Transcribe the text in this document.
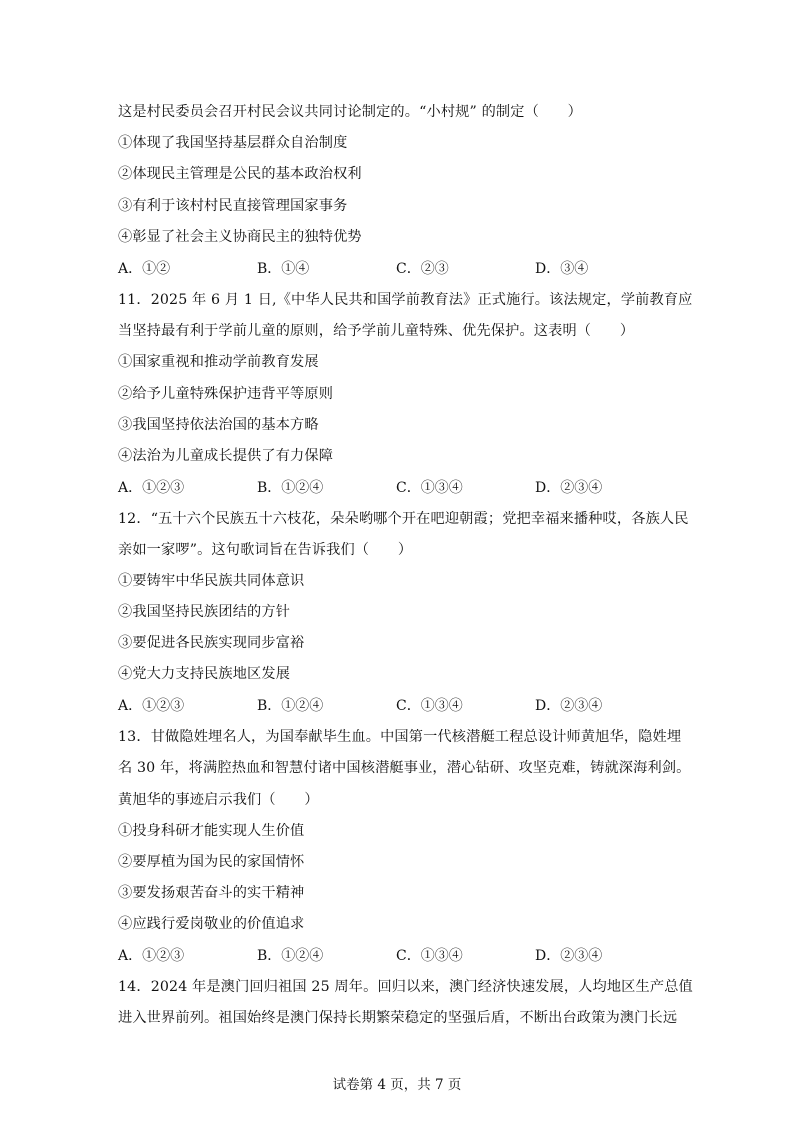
这是村民委员会召开村民会议共同讨论制定的。“小村规” 的制定（　　）
①体现了我国坚持基层群众自治制度
②体现民主管理是公民的基本政治权利
③有利于该村村民直接管理国家事务
④彰显了社会主义协商民主的独特优势
A．①②	B．①④	C．②③	D．③④
11．2025 年 6 月 1 日,《中华人民共和国学前教育法》正式施行。该法规定，学前教育应
当坚持最有利于学前儿童的原则，给予学前儿童特殊、优先保护。这表明（　　）
①国家重视和推动学前教育发展
②给予儿童特殊保护违背平等原则
③我国坚持依法治国的基本方略
④法治为儿童成长提供了有力保障
A．①②③	B．①②④	C．①③④	D．②③④
12．“五十六个民族五十六枝花，朵朵哟哪个开在吧迎朝霞；党把幸福来播种哎，各族人民
亲如一家啰”。这句歌词旨在告诉我们（　　）
①要铸牢中华民族共同体意识
②我国坚持民族团结的方针
③要促进各民族实现同步富裕
④党大力支持民族地区发展
A．①②③	B．①②④	C．①③④	D．②③④
13．甘做隐姓埋名人，为国奉献毕生血。中国第一代核潜艇工程总设计师黄旭华，隐姓埋
名 30 年，将满腔热血和智慧付诸中国核潜艇事业，潜心钻研、攻坚克难，铸就深海利剑。
黄旭华的事迹启示我们（　　）
①投身科研才能实现人生价值
②要厚植为国为民的家国情怀
③要发扬艰苦奋斗的实干精神
④应践行爱岗敬业的价值追求
A．①②③	B．①②④	C．①③④	D．②③④
14．2024 年是澳门回归祖国 25 周年。回归以来，澳门经济快速发展，人均地区生产总值
进入世界前列。祖国始终是澳门保持长期繁荣稳定的坚强后盾，不断出台政策为澳门长远
试卷第 4 页，共 7 页
